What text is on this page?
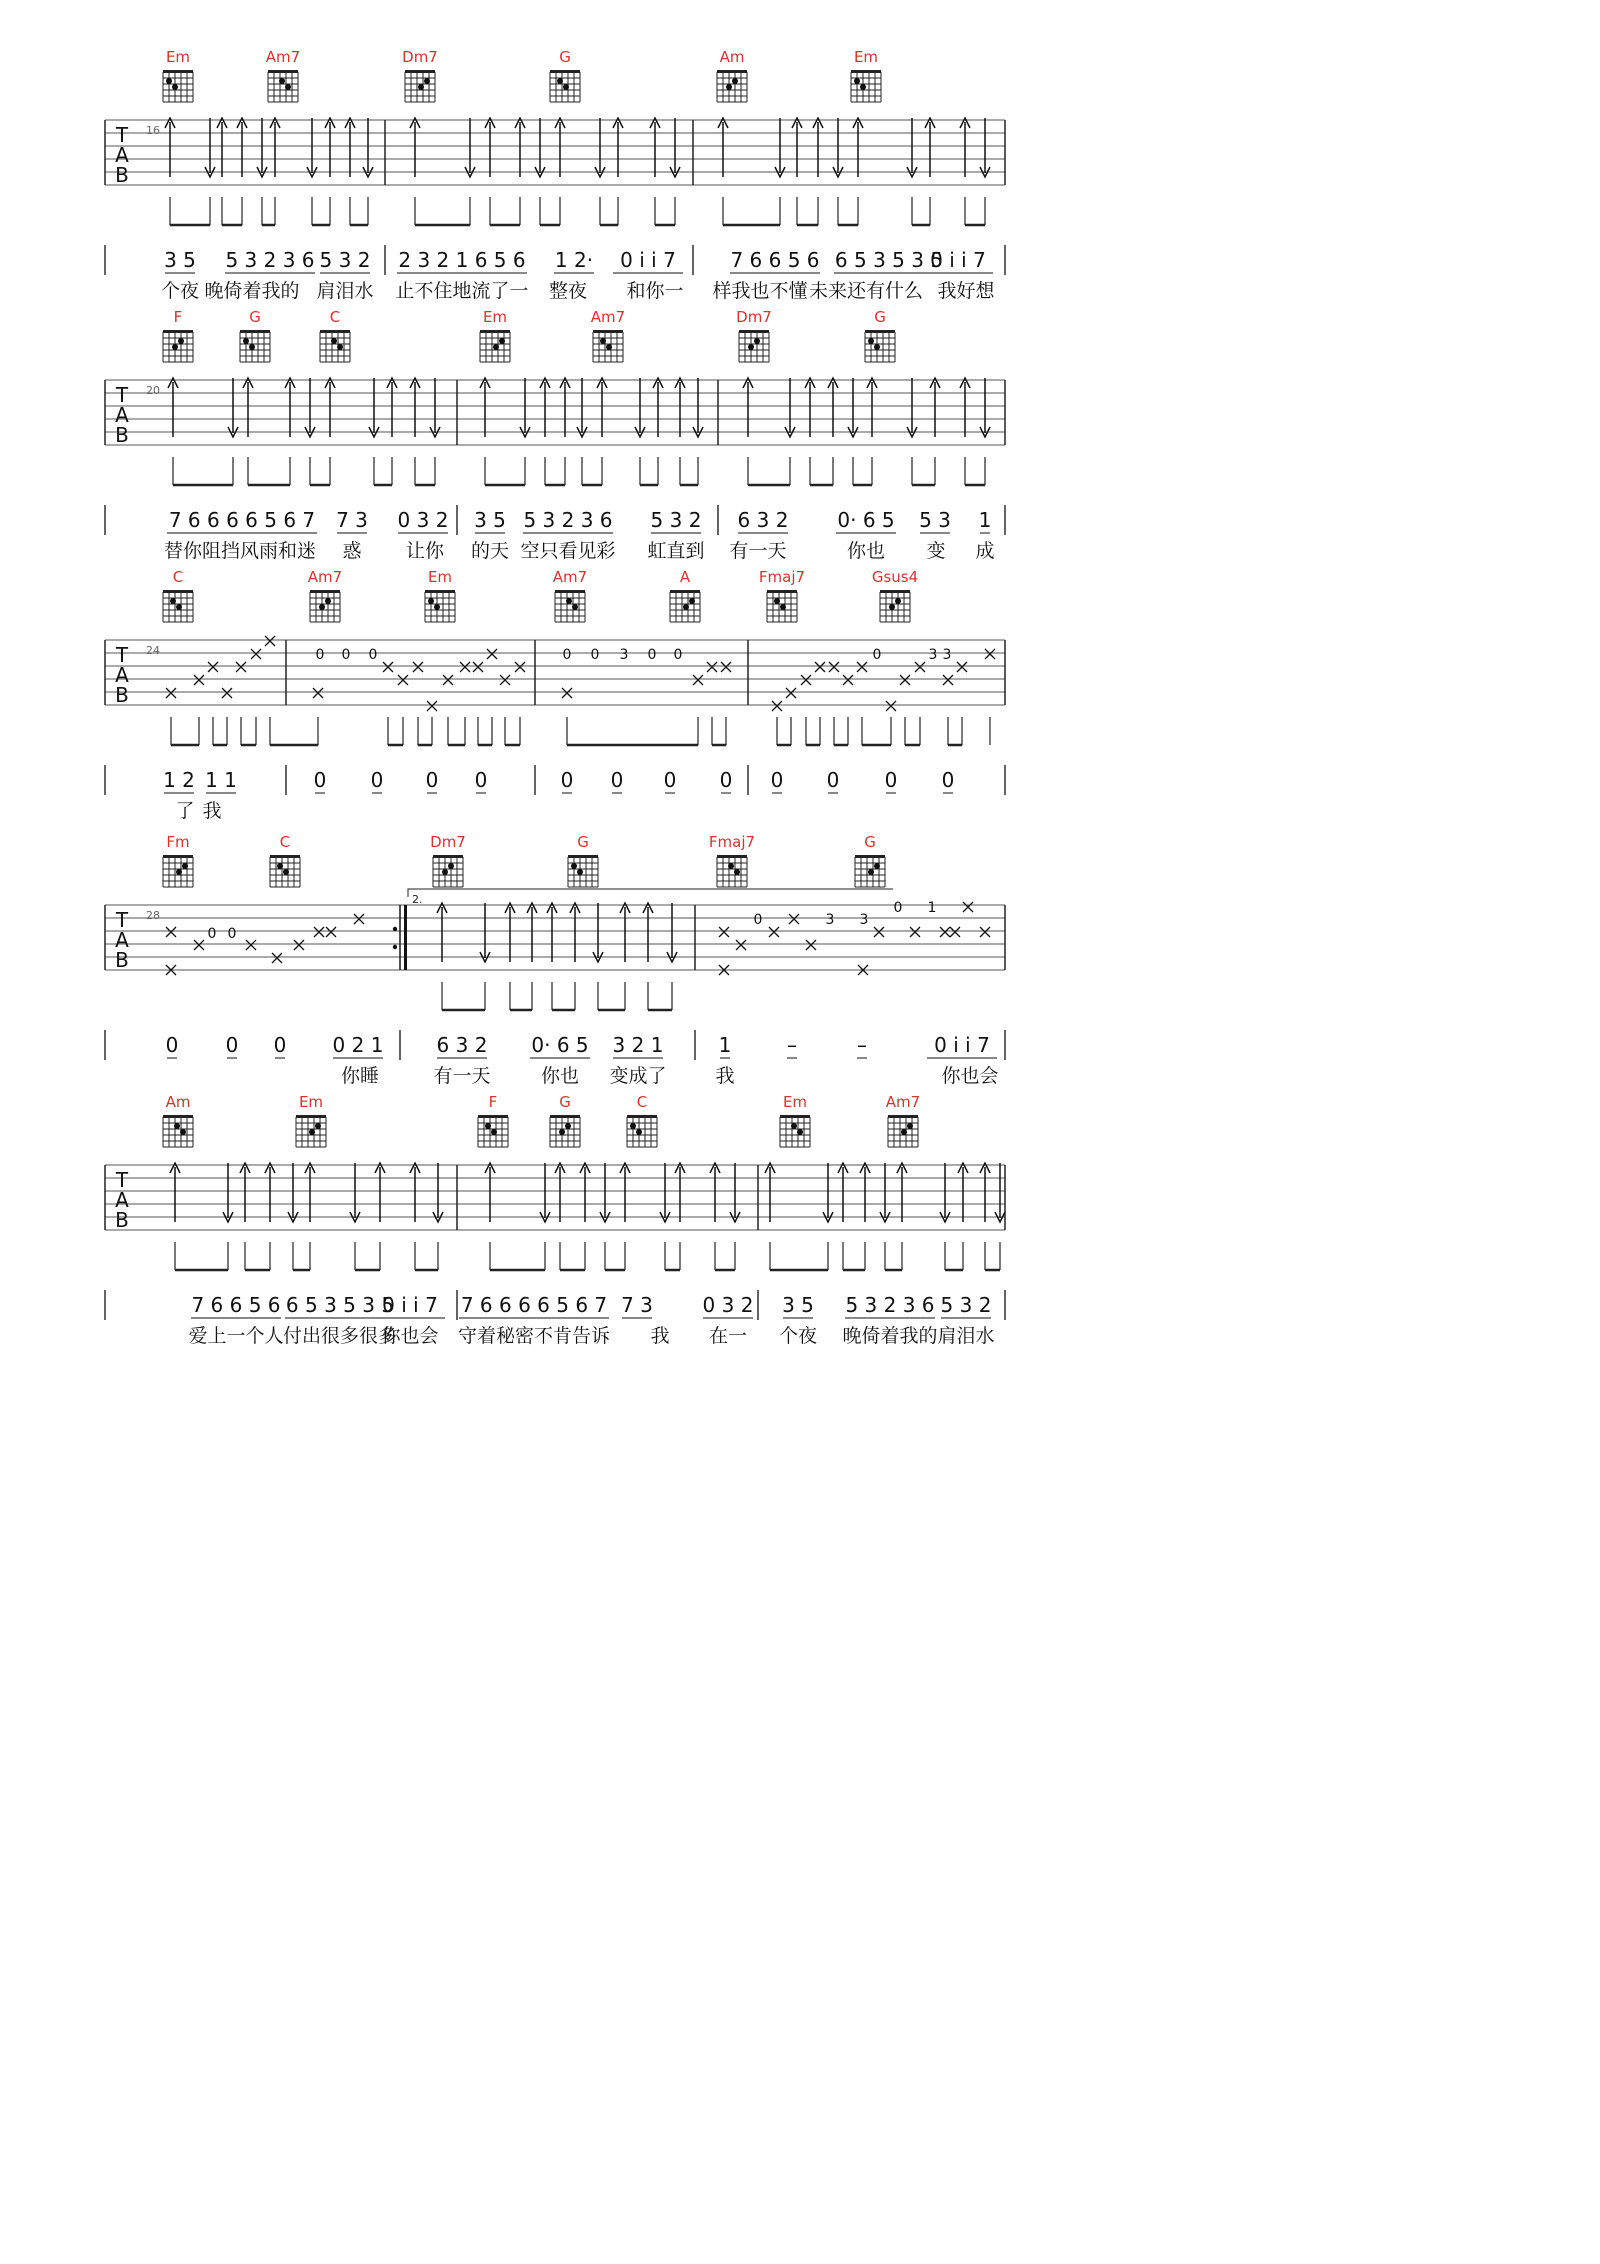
T
A
B
16
Em	Am7	Dm7	G	Am	Em
3 5 5 3 2 3 6 5 3 2 2 3 2 1 6 5 6 1 2· 0 i i 7	7 6 6 5 6 6 5 3 5 3 5
0 i i 7
个夜 晚倚着我的 肩泪水 止不住地流了一 整夜 和你一 样我也不懂 未来还有什么 我好想
T
A
B
20
F	G	C	Em	Am7	Dm7	G
7 6 6 6 6 5 6 7 7 3 0 3 2 3 5 5 3 2 3 6 5 3 2 6 3 2 0· 6 5 5 3 1
替你阻挡风雨和迷 惑 让你 的天 空只看见彩 虹直到 有一天	你也 变 成
T
A
B
24
C	Am7	Em	Am7	A	Fmaj7	Gsus4
0 0 0	0 0 3 0 0	0	3 3
1 2 1 1	0 0 0 0	0 0 0 0 0 0 0 0
了 我
T
A
B
28
Fm	C	Dm7	G	Fmaj7	G
2.
0 0
0	3 3
0 1
0 0 0 0 2 1	6 3 2 0· 6 5 3 2 1	1	–	–	0 i i 7
你睡	有一天	你也 变成了	我	你也会
T
A
B
Am	Em	F	G	C	Em	Am7
7 6 6 5 6 6 5 3 5 3 5
0 i i 7 7 6 6 6 6 5 6 7 7 3 0 3 2 3 5 5 3 2 3 6 5 3 2
爱上一个人 付出很多很多
你也会 守着秘密不肯告诉 我 在一 个夜 晚倚着我的 肩泪水
